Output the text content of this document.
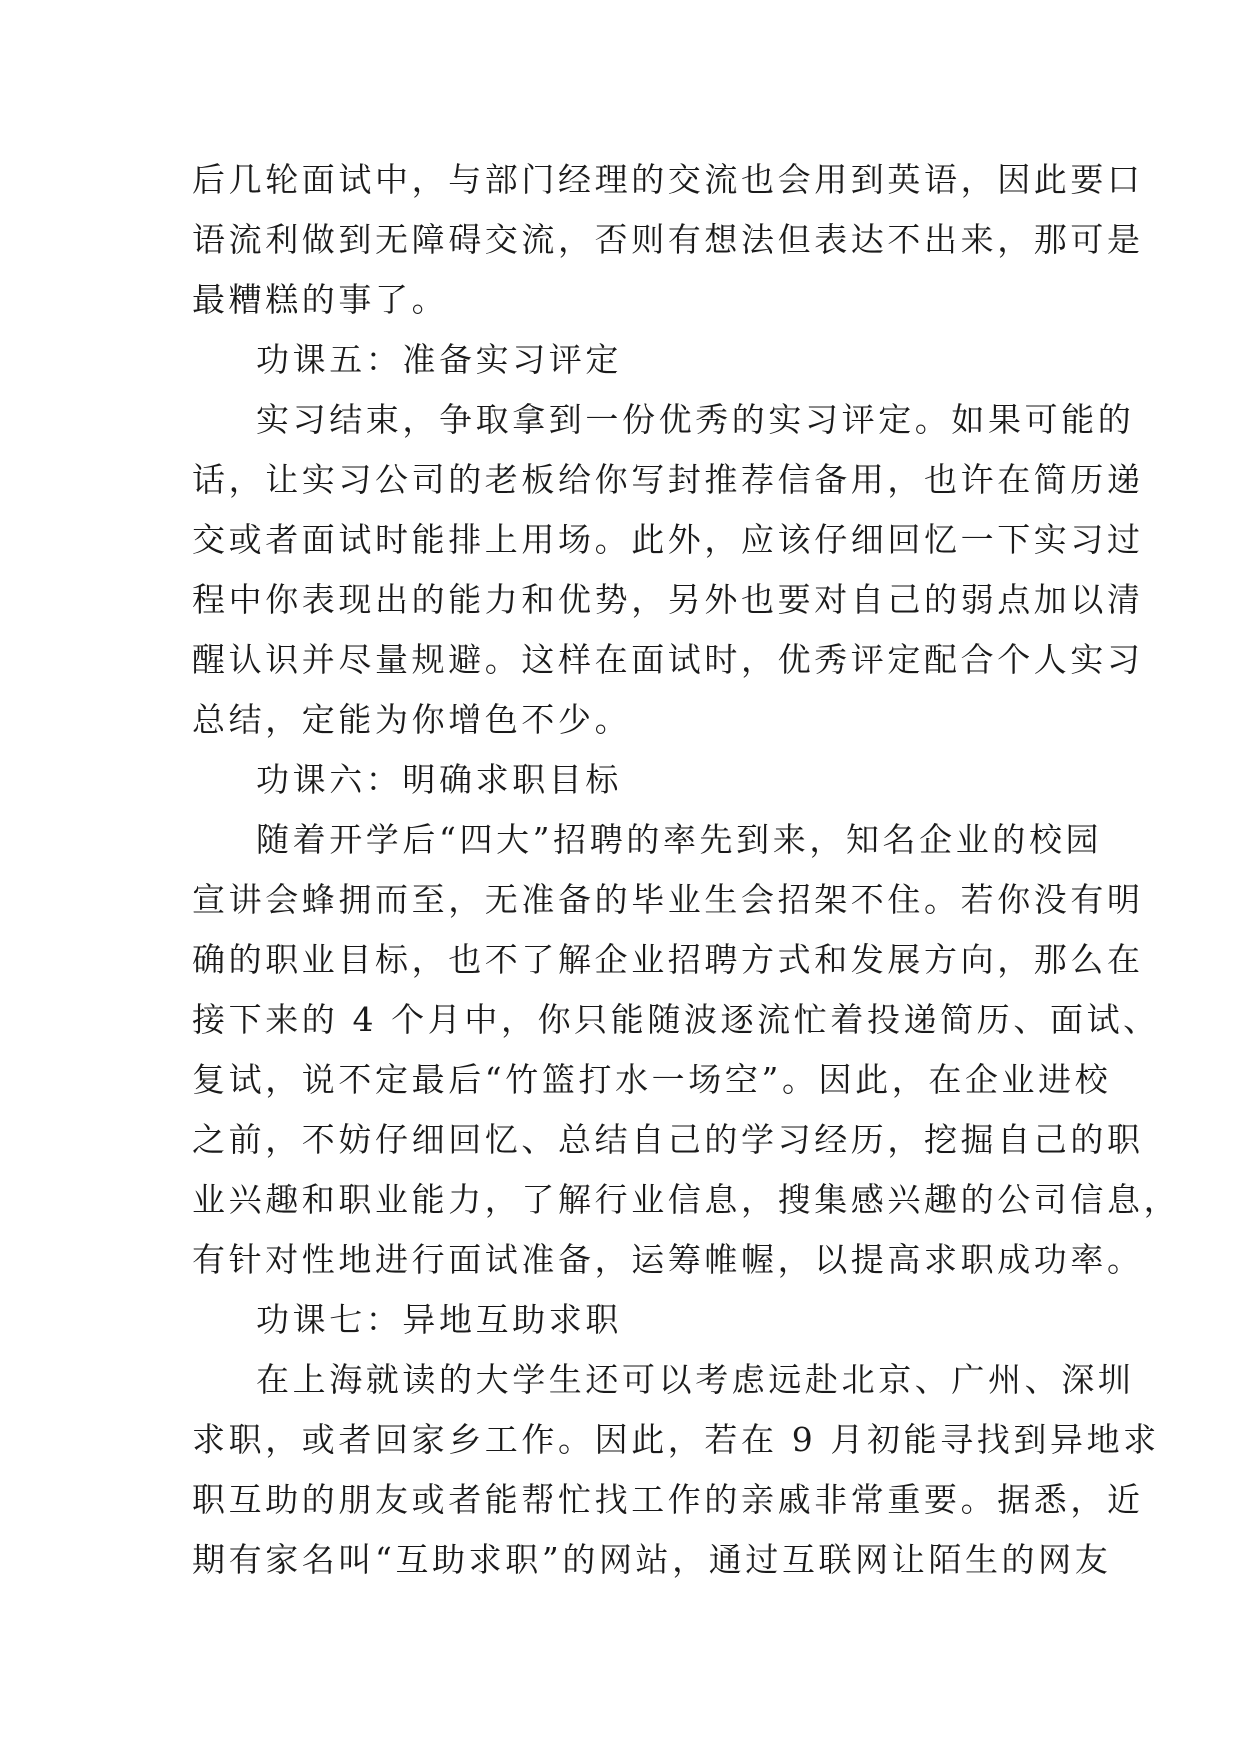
后几轮面试中，与部门经理的交流也会用到英语，因此要口
语流利做到无障碍交流，否则有想法但表达不出来，那可是
最糟糕的事了。
功课五：准备实习评定
实习结束，争取拿到一份优秀的实习评定。如果可能的
话，让实习公司的老板给你写封推荐信备用，也许在简历递
交或者面试时能排上用场。此外，应该仔细回忆一下实习过
程中你表现出的能力和优势，另外也要对自己的弱点加以清
醒认识并尽量规避。这样在面试时，优秀评定配合个人实习
总结，定能为你增色不少。
功课六：明确求职目标
随着开学后“四大”招聘的率先到来，知名企业的校园
宣讲会蜂拥而至，无准备的毕业生会招架不住。若你没有明
确的职业目标，也不了解企业招聘方式和发展方向，那么在
接下来的 4 个月中，你只能随波逐流忙着投递简历、面试、
复试，说不定最后“竹篮打水一场空”。因此，在企业进校
之前，不妨仔细回忆、总结自己的学习经历，挖掘自己的职
业兴趣和职业能力，了解行业信息，搜集感兴趣的公司信息，
有针对性地进行面试准备，运筹帷幄，以提高求职成功率。
功课七：异地互助求职
在上海就读的大学生还可以考虑远赴北京、广州、深圳
求职，或者回家乡工作。因此，若在 9 月初能寻找到异地求
职互助的朋友或者能帮忙找工作的亲戚非常重要。据悉，近
期有家名叫“互助求职”的网站，通过互联网让陌生的网友
